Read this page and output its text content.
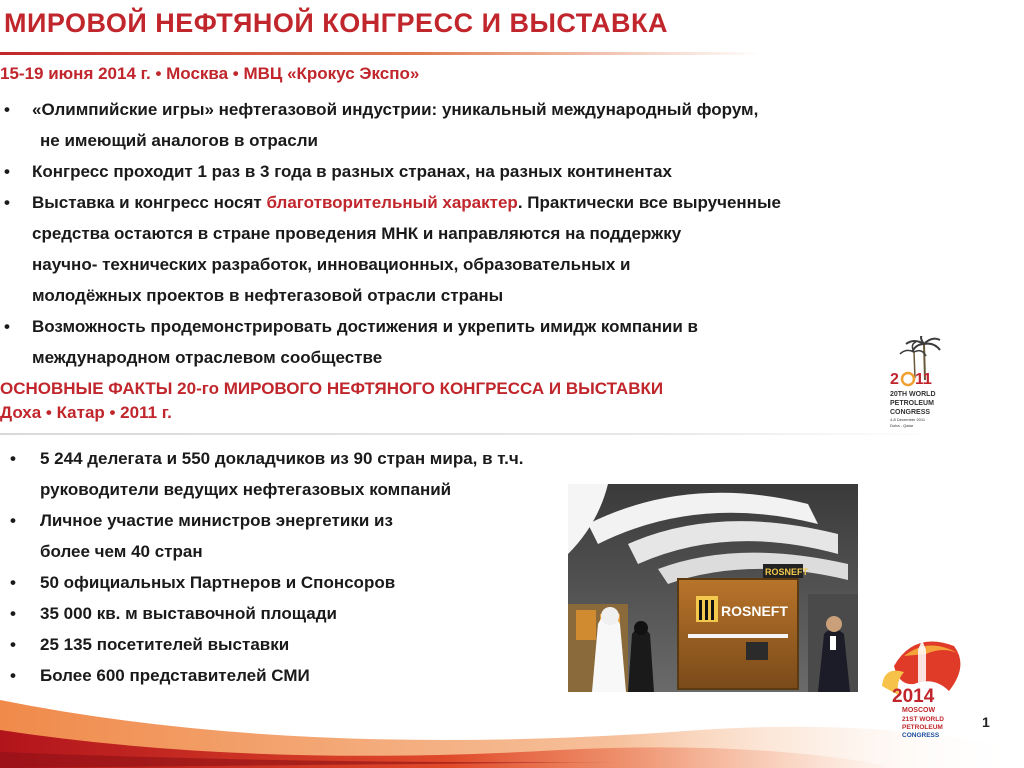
МИРОВОЙ НЕФТЯНОЙ КОНГРЕСС И ВЫСТАВКА
15-19 июня 2014 г. • Москва • МВЦ «Крокус Экспо»
• «Олимпийские игры» нефтегазовой индустрии: уникальный международный форум,
не имеющий аналогов в отрасли
• Конгресс проходит 1 раз в 3 года в разных странах, на разных континентах
• Выставка и конгресс носят благотворительный характер. Практически все вырученные
средства остаются в стране проведения МНК и направляются на поддержку
научно- технических разработок, инновационных, образовательных и
молодёжных проектов в нефтегазовой отрасли страны
• Возможность продемонстрировать достижения и укрепить имидж компании в
международном отраслевом сообществе
2 11
20TH WORLD
PETROLEUM
CONGRESS
4-8 December 2011
Doha - Qatar
ОСНОВНЫЕ ФАКТЫ 20-го МИРОВОГО НЕФТЯНОГО КОНГРЕССА И ВЫСТАВКИ
Доха • Катар • 2011 г.
• 5 244 делегата и 550 докладчиков из 90 стран мира, в т.ч.
руководители ведущих нефтегазовых компаний
• Личное участие министров энергетики из
более чем 40 стран
• 50 официальных Партнеров и Спонсоров
• 35 000 кв. м выставочной площади
• 25 135 посетителей выставки
• Более 600 представителей СМИ
ROSNEFT
ROSNEFT
2014
MOSCOW
21ST WORLD
PETROLEUM
CONGRESS
1
